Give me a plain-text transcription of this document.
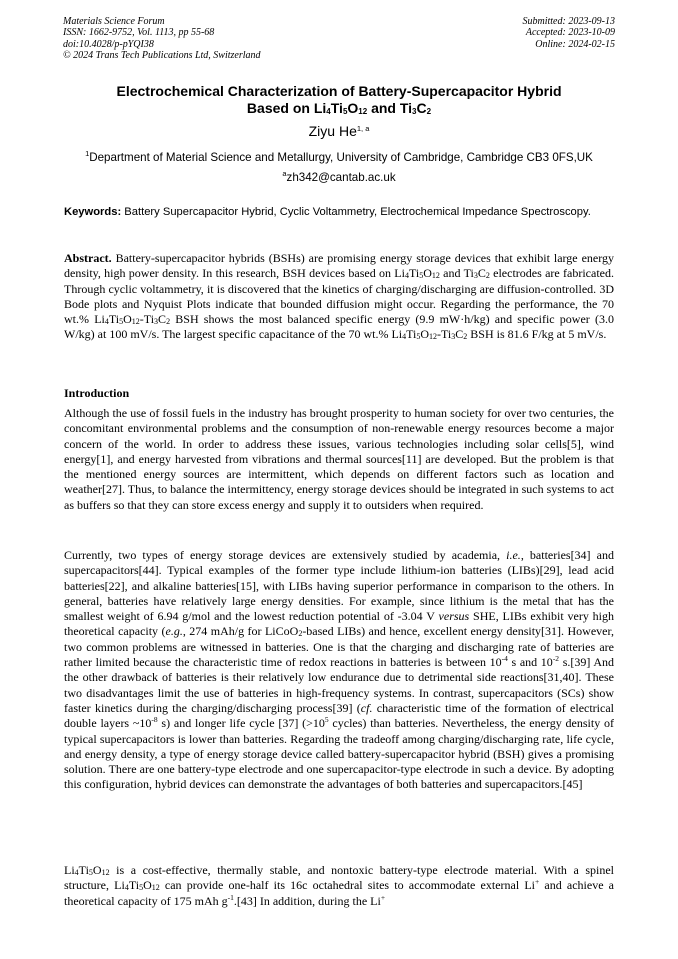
Materials Science Forum
ISSN: 1662-9752, Vol. 1113, pp 55-68
doi:10.4028/p-pYQI38
© 2024 Trans Tech Publications Ltd, Switzerland
Submitted: 2023-09-13
Accepted: 2023-10-09
Online: 2024-02-15
Electrochemical Characterization of Battery-Supercapacitor Hybrid
Based on $Li_4Ti_5O_{12}$ and $Ti_3C_2$
Ziyu He$^{1, a}$
$^1$Department of Material Science and Metallurgy, University of Cambridge, Cambridge CB3 0FS,UK
$^a$zh342@cantab.ac.uk
Keywords: Battery Supercapacitor Hybrid, Cyclic Voltammetry, Electrochemical Impedance Spectroscopy.
Abstract. Battery-supercapacitor hybrids (BSHs) are promising energy storage devices that exhibit large energy density, high power density. In this research, BSH devices based on $Li_4Ti_5O_{12}$ and $Ti_3C_2$ electrodes are fabricated. Through cyclic voltammetry, it is discovered that the kinetics of charging/discharging are diffusion-controlled. 3D Bode plots and Nyquist Plots indicate that bounded diffusion might occur. Regarding the performance, the 70 wt.% $Li_4Ti_5O_{12}-Ti_3C_2$ BSH shows the most balanced specific energy (9.9 mW·h/kg) and specific power (3.0 W/kg) at 100 mV/s. The largest specific capacitance of the 70 wt.% $Li_4Ti_5O_{12}-Ti_3C_2$ BSH is 81.6 F/kg at 5 mV/s.
Introduction
Although the use of fossil fuels in the industry has brought prosperity to human society for over two centuries, the concomitant environmental problems and the consumption of non-renewable energy resources become a major concern of the world. In order to address these issues, various technologies including solar cells[5], wind energy[1], and energy harvested from vibrations and thermal sources[11] are developed. But the problem is that the mentioned energy sources are intermittent, which depends on different factors such as location and weather[27]. Thus, to balance the intermittency, energy storage devices should be integrated in such systems to act as buffers so that they can store excess energy and supply it to outsiders when required.
Currently, two types of energy storage devices are extensively studied by academia, i.e., batteries[34] and supercapacitors[44]. Typical examples of the former type include lithium-ion batteries (LIBs)[29], lead acid batteries[22], and alkaline batteries[15], with LIBs having superior performance in comparison to the others. In general, batteries have relatively large energy densities. For example, since lithium is the metal that has the smallest weight of 6.94 g/mol and the lowest reduction potential of -3.04 V versus SHE, LIBs exhibit very high theoretical capacity (e.g., 274 mAh/g for LiCoO$_2$-based LIBs) and hence, excellent energy density[31]. However, two common problems are witnessed in batteries. One is that the charging and discharging rate of batteries are rather limited because the characteristic time of redox reactions in batteries is between $10^{-4}$ s and $10^{-2}$ s.[39] And the other drawback of batteries is their relatively low endurance due to detrimental side reactions[31,40]. These two disadvantages limit the use of batteries in high-frequency systems. In contrast, supercapacitors (SCs) show faster kinetics during the charging/discharging process[39] (cf. characteristic time of the formation of electrical double layers $\sim 10^{-8}$ s) and longer life cycle [37] ($>10^5$ cycles) than batteries. Nevertheless, the energy density of typical supercapacitors is lower than batteries. Regarding the tradeoff among charging/discharging rate, life cycle, and energy density, a type of energy storage device called battery-supercapacitor hybrid (BSH) gives a promising solution. There are one battery-type electrode and one supercapacitor-type electrode in such a device. By adopting this configuration, hybrid devices can demonstrate the advantages of both batteries and supercapacitors.[45]
$Li_4Ti_5O_{12}$ is a cost-effective, thermally stable, and nontoxic battery-type electrode material. With a spinel structure, $Li_4Ti_5O_{12}$ can provide one-half its 16c octahedral sites to accommodate external Li+ and achieve a theoretical capacity of 175 mAh $g^{-1}.[43]$ In addition, during the Li+
